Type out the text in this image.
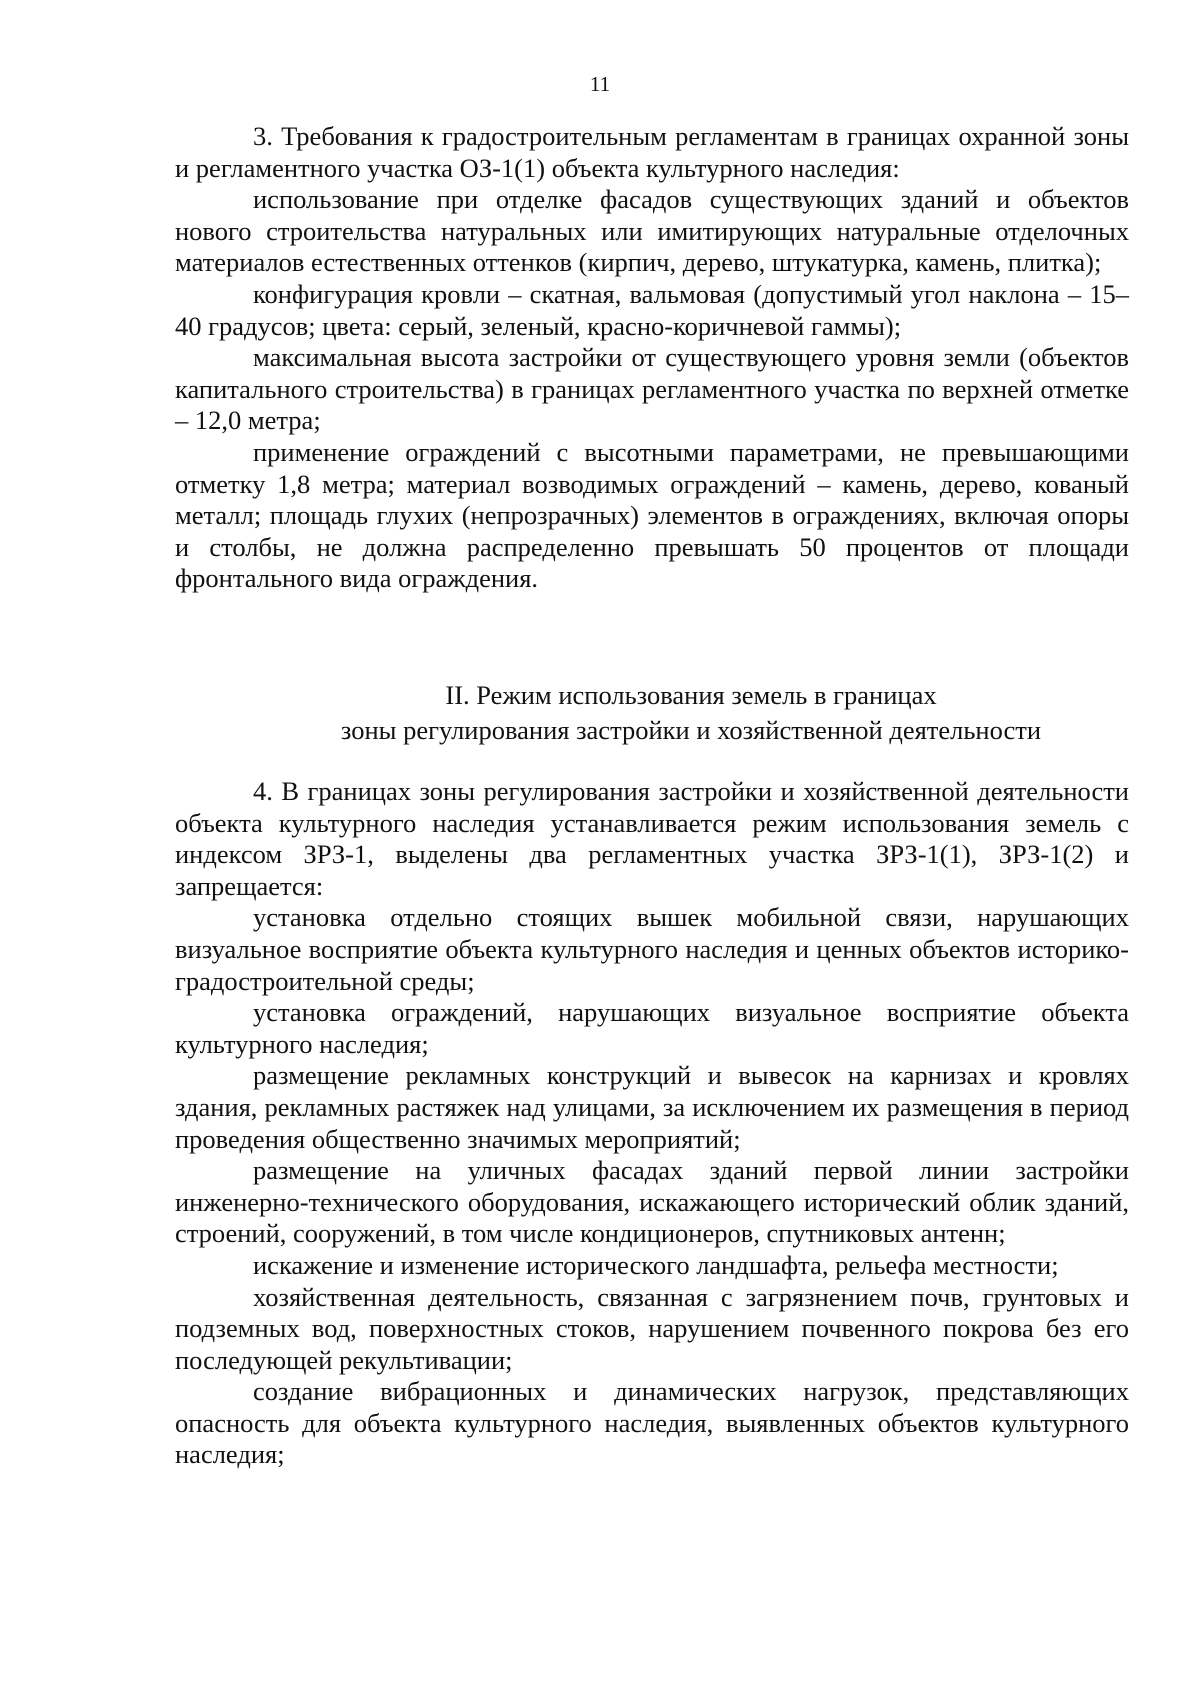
11

3. Требования к градостроительным регламентам в границах охранной зоны и регламентного участка ОЗ-1(1) объекта культурного наследия:

использование при отделке фасадов существующих зданий и объектов нового строительства натуральных или имитирующих натуральные отделочных материалов естественных оттенков (кирпич, дерево, штукатурка, камень, плитка);

конфигурация кровли – скатная, вальмовая (допустимый угол наклона – 15–40 градусов; цвета: серый, зеленый, красно-коричневой гаммы);

максимальная высота застройки от существующего уровня земли (объектов капитального строительства) в границах регламентного участка по верхней отметке – 12,0 метра;

применение ограждений с высотными параметрами, не превышающими отметку 1,8 метра; материал возводимых ограждений – камень, дерево, кованый металл; площадь глухих (непрозрачных) элементов в ограждениях, включая опоры и столбы, не должна распределенно превышать 50 процентов от площади фронтального вида ограждения.

II. Режим использования земель в границах
зоны регулирования застройки и хозяйственной деятельности

4. В границах зоны регулирования застройки и хозяйственной деятельности объекта культурного наследия устанавливается режим использования земель с индексом ЗРЗ-1, выделены два регламентных участка ЗРЗ-1(1), ЗРЗ-1(2) и запрещается:

установка отдельно стоящих вышек мобильной связи, нарушающих визуальное восприятие объекта культурного наследия и ценных объектов историко-градостроительной среды;

установка ограждений, нарушающих визуальное восприятие объекта культурного наследия;

размещение рекламных конструкций и вывесок на карнизах и кровлях здания, рекламных растяжек над улицами, за исключением их размещения в период проведения общественно значимых мероприятий;

размещение на уличных фасадах зданий первой линии застройки инженерно-технического оборудования, искажающего исторический облик зданий, строений, сооружений, в том числе кондиционеров, спутниковых антенн;

искажение и изменение исторического ландшафта, рельефа местности;

хозяйственная деятельность, связанная с загрязнением почв, грунтовых и подземных вод, поверхностных стоков, нарушением почвенного покрова без его последующей рекультивации;

создание вибрационных и динамических нагрузок, представляющих опасность для объекта культурного наследия, выявленных объектов культурного наследия;
